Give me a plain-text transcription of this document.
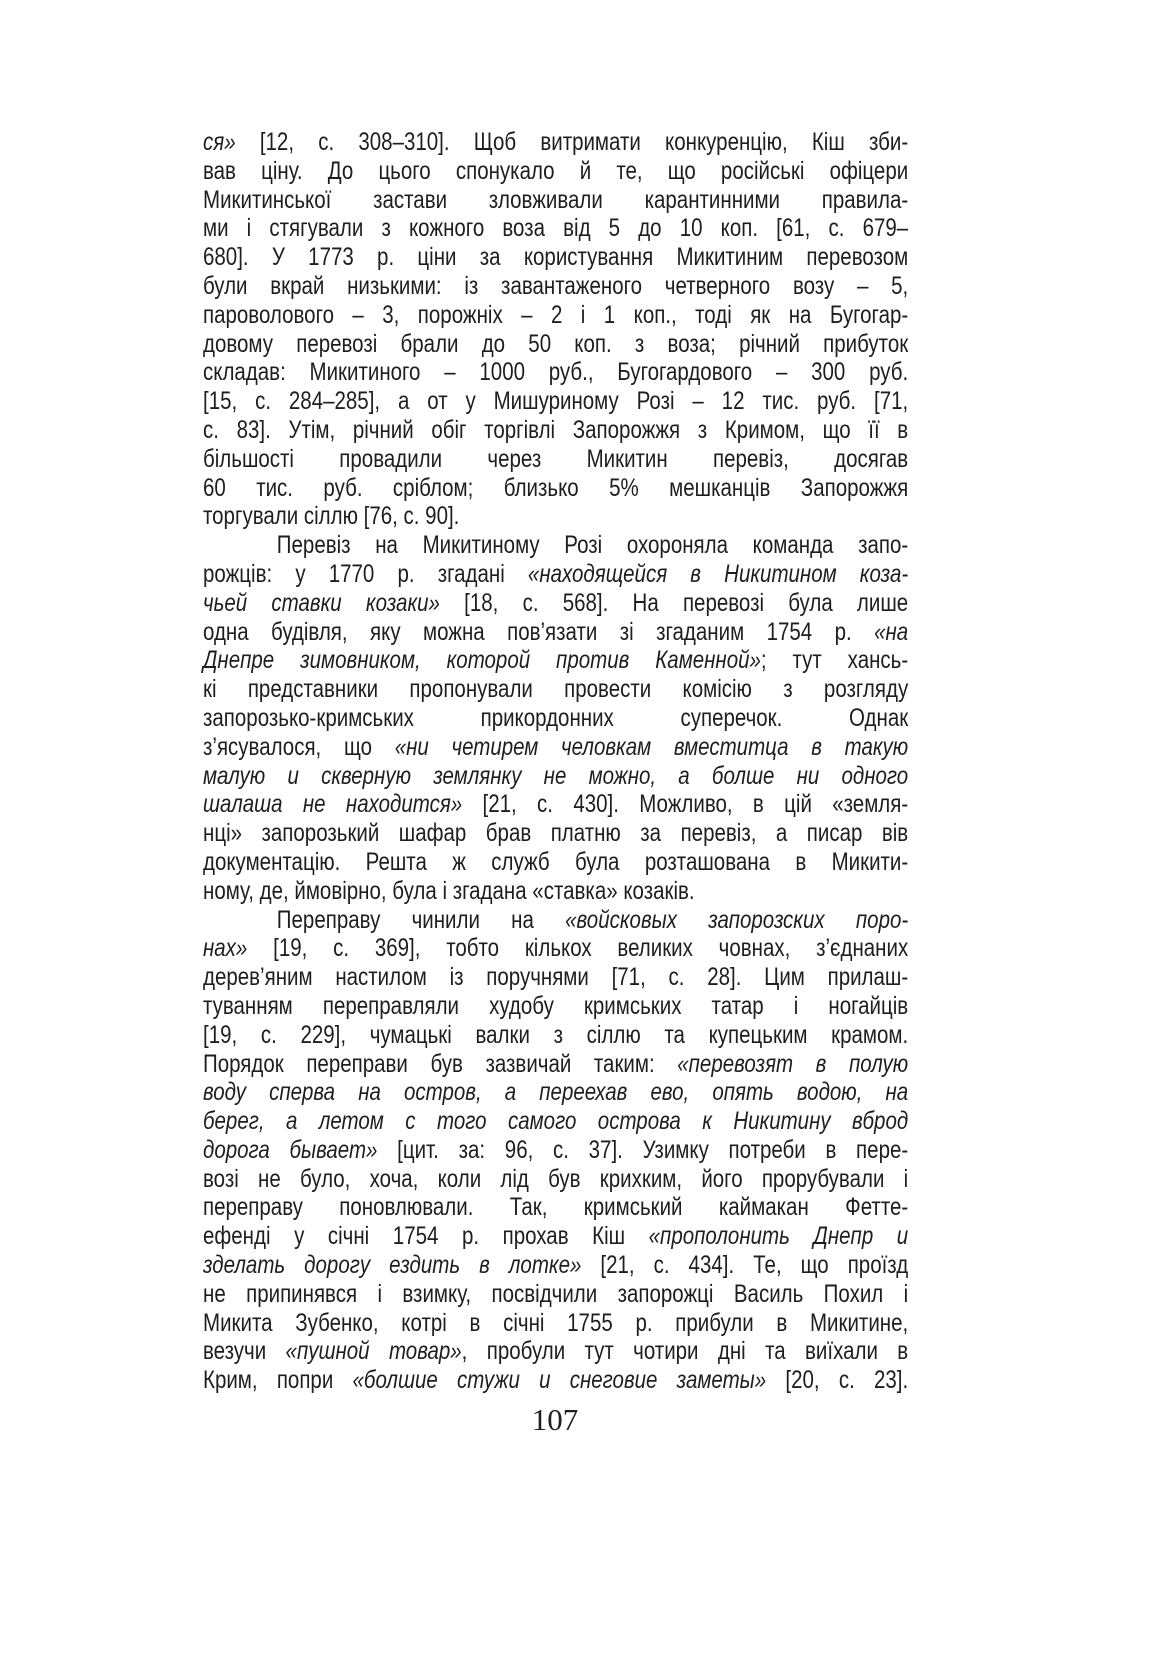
ся» [12, с. 308–310]. Щоб витримати конкуренцію, Кіш зби-
вав ціну. До цього спонукало й те, що російські офіцери
Микитинської застави зловживали карантинними правила-
ми і стягували з кожного воза від 5 до 10 коп. [61, с. 679–
680]. У 1773 р. ціни за користування Микитиним перевозом
були вкрай низькими: із завантаженого четверного возу – 5,
пароволового – 3, порожніх – 2 і 1 коп., тоді як на Бугогар-
довому перевозі брали до 50 коп. з воза; річний прибуток
складав: Микитиного – 1000 руб., Бугогардового – 300 руб.
[15, с. 284–285], а от у Мишуриному Розі – 12 тис. руб. [71,
с. 83]. Утім, річний обіг торгівлі Запорожжя з Кримом, що її в
більшості провадили через Микитин перевіз, досягав
60 тис. руб. сріблом; близько 5% мешканців Запорожжя
торгували сіллю [76, с. 90].
Перевіз на Микитиному Розі охороняла команда запо-
рожців: у 1770 р. згадані «находящейся в Никитином коза-
чьей ставки козаки» [18, с. 568]. На перевозі була лише
одна будівля, яку можна пов’язати зі згаданим 1754 р. «на
Днепре зимовником, которой против Каменной»; тут хансь-
кі представники пропонували провести комісію з розгляду
запорозько-кримських прикордонних суперечок. Однак
з’ясувалося, що «ни четирем человкам вместитца в такую
малую и скверную землянку не можно, а болше ни одного
шалаша не находится» [21, с. 430]. Можливо, в цій «земля-
нці» запорозький шафар брав платню за перевіз, а писар вів
документацію. Решта ж служб була розташована в Микити-
ному, де, ймовірно, була і згадана «ставка» козаків.
Переправу чинили на «войсковых запорозских поро-
нах» [19, с. 369], тобто кількох великих човнах, з’єднаних
дерев’яним настилом із поручнями [71, с. 28]. Цим прилаш-
туванням переправляли худобу кримських татар і ногайців
[19, с. 229], чумацькі валки з сіллю та купецьким крамом.
Порядок переправи був зазвичай таким: «перевозят в полую
воду сперва на остров, а переехав ево, опять водою, на
берег, а летом с того самого острова к Никитину вброд
дорога бывает» [цит. за: 96, с. 37]. Узимку потреби в пере-
возі не було, хоча, коли лід був крихким, його прорубували і
переправу поновлювали. Так, кримський каймакан Фетте-
ефенді у січні 1754 р. прохав Кіш «прополонить Днепр и
зделать дорогу ездить в лотке» [21, с. 434]. Те, що проїзд
не припинявся і взимку, посвідчили запорожці Василь Похил і
Микита Зубенко, котрі в січні 1755 р. прибули в Микитине,
везучи «пушной товар», пробули тут чотири дні та виїхали в
Крим, попри «болшие стужи и снеговие заметы» [20, с. 23].
107
